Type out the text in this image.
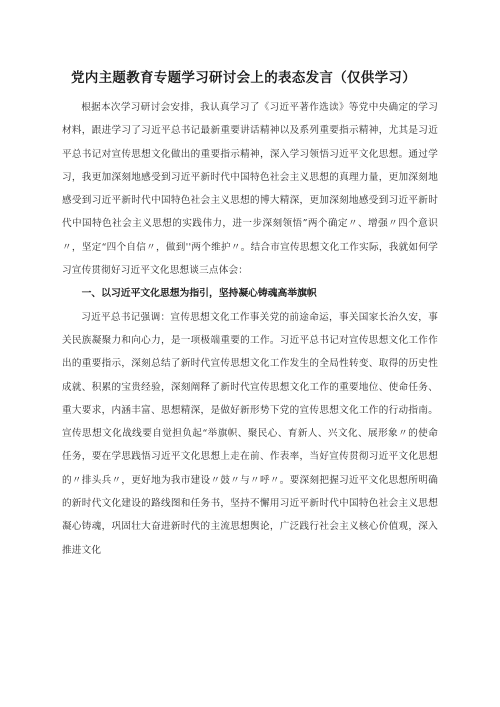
党内主题教育专题学习研讨会上的表态发言（仅供学习）

根据本次学习研讨会安排，我认真学习了《习近平著作选读》等党中央确定的学习材料，跟进学习了习近平总书记最新重要讲话精神以及系列重要指示精神，尤其是习近平总书记对宣传思想文化做出的重要指示精神，深入学习领悟习近平文化思想。通过学习，我更加深刻地感受到习近平新时代中国特色社会主义思想的真理力量，更加深刻地感受到习近平新时代中国特色社会主义思想的博大精深，更加深刻地感受到习近平新时代中国特色社会主义思想的实践伟力，进一步深刻领悟”两个确定〃、增强〃四个意识〃，坚定“四个自信〃，做到''两个维护〃。结合市宣传思想文化工作实际，我就如何学习宣传贯彻好习近平文化思想谈三点体会：

一、以习近平文化思想为指引，坚持凝心铸魂高举旗帜

习近平总书记强调：宣传思想文化工作事关党的前途命运，事关国家长治久安，事关民族凝聚力和向心力，是一项极端重要的工作。习近平总书记对宣传思想文化工作作出的重要指示，深刻总结了新时代宣传思想文化工作发生的全局性转变、取得的历史性成就、积累的宝贵经验，深刻阐释了新时代宣传思想文化工作的重要地位、使命任务、重大要求，内涵丰富、思想精深，是做好新形势下党的宣传思想文化工作的行动指南。宣传思想文化战线要自觉担负起“举旗帜、聚民心、育新人、兴文化、展形象〃的使命任务，要在学思践悟习近平文化思想上走在前、作表率，当好宣传贯彻习近平文化思想的〃排头兵〃，更好地为我市建设〃鼓〃与〃呼〃。要深刻把握习近平文化思想所明确的新时代文化建设的路线图和任务书，坚持不懈用习近平新时代中国特色社会主义思想凝心铸魂，巩固壮大奋进新时代的主流思想舆论，广泛践行社会主义核心价值观，深入推进文化
